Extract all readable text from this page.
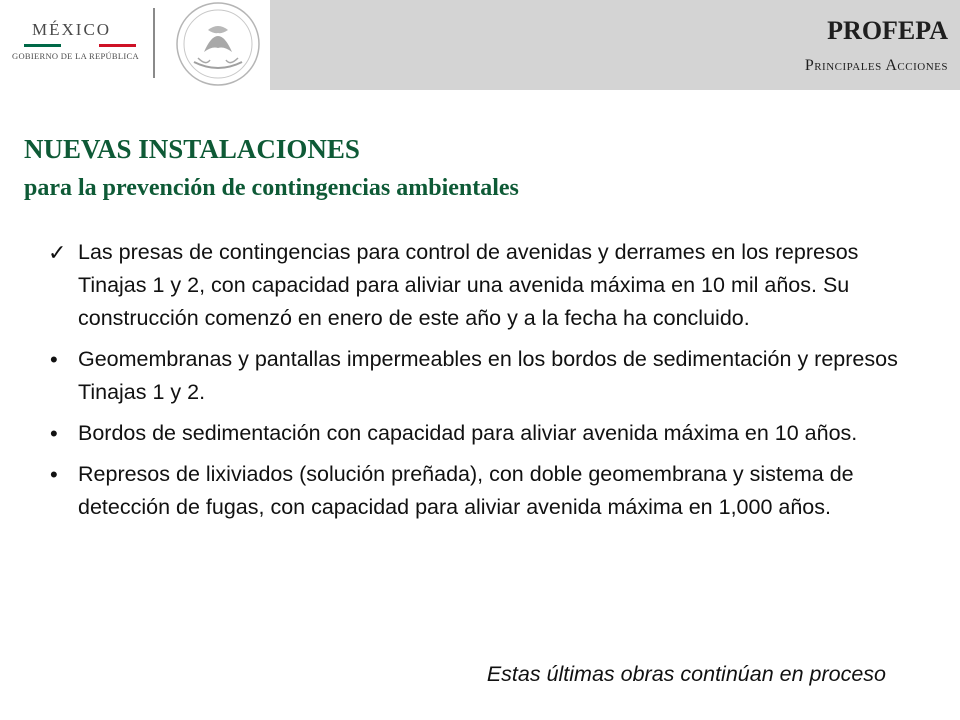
MÉXICO
GOBIERNO DE LA REPÚBLICA
PROFEPA
Principales Acciones
NUEVAS INSTALACIONES
para la prevención de contingencias ambientales
✓ Las presas de contingencias para control de avenidas y derrames en los represos Tinajas 1 y 2, con capacidad para aliviar una avenida máxima en 10 mil años. Su construcción comenzó en enero de este año y a la fecha ha concluido.
• Geomembranas y pantallas impermeables en los bordos de sedimentación y represos Tinajas 1 y 2.
• Bordos de sedimentación con capacidad para aliviar avenida máxima en 10 años.
• Represos de lixiviados (solución preñada), con doble geomembrana y sistema de detección de fugas, con capacidad para aliviar avenida máxima en 1,000 años.
Estas últimas obras continúan en proceso
